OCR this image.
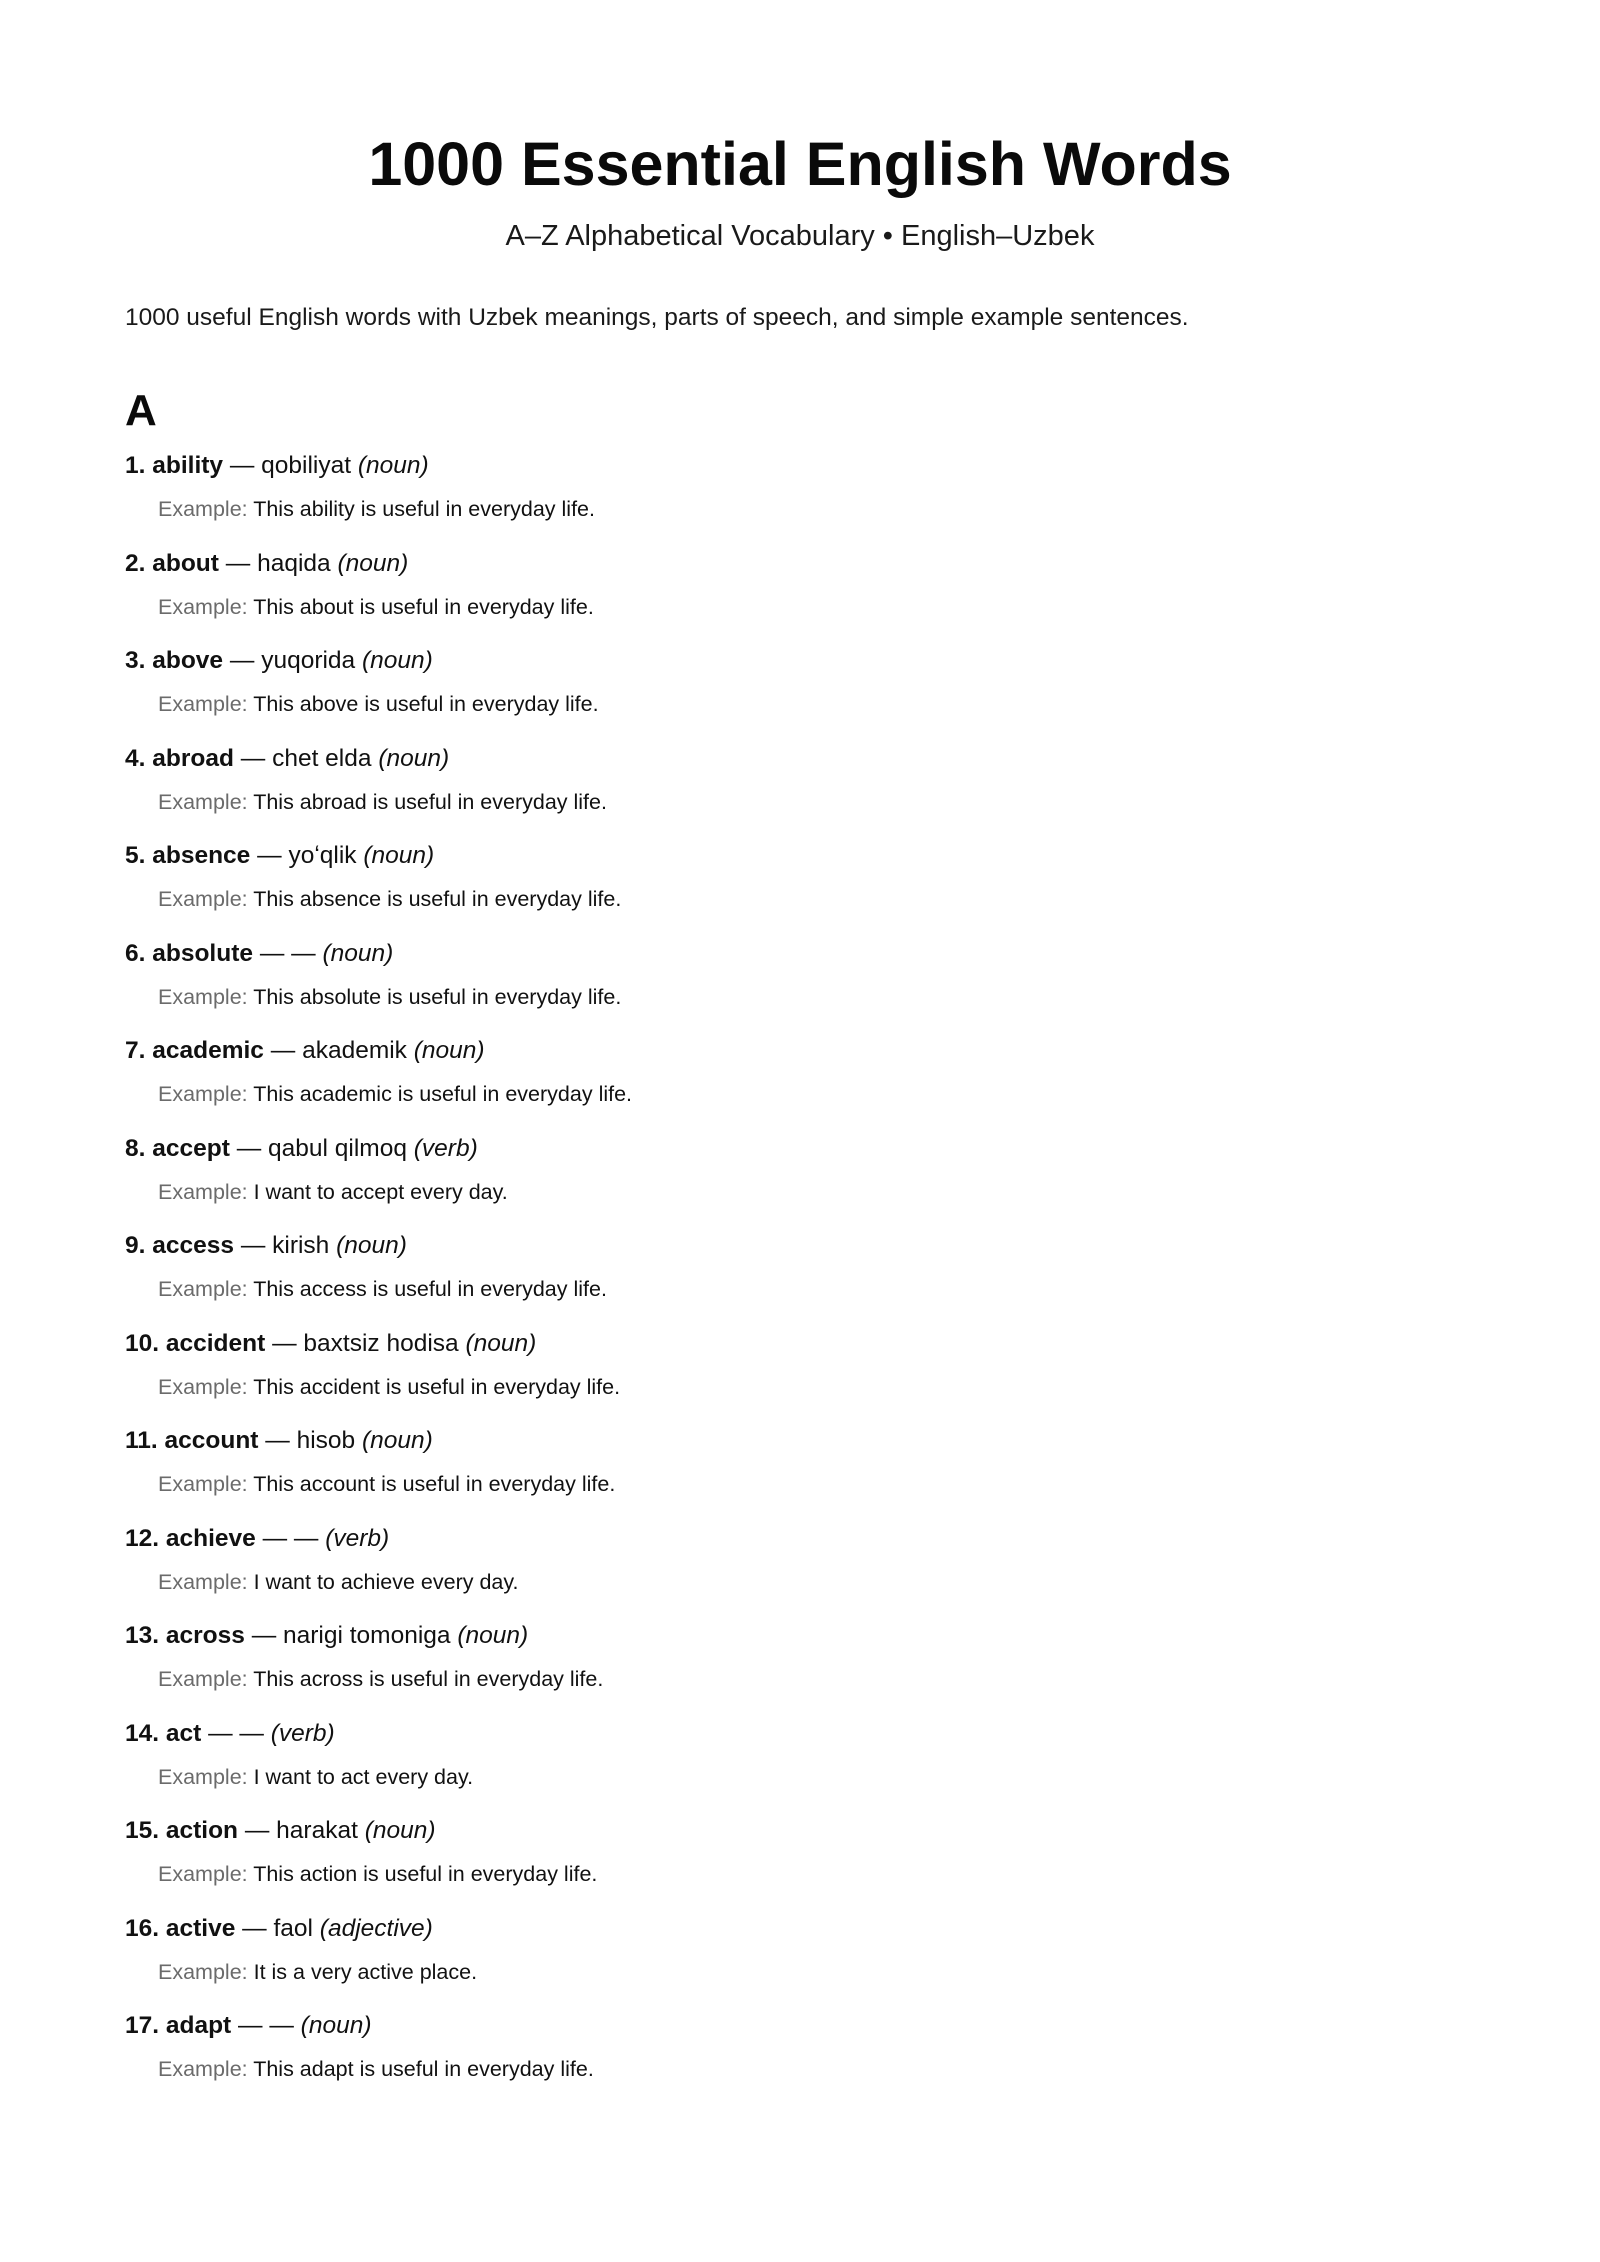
1000 Essential English Words
A–Z Alphabetical Vocabulary • English–Uzbek
1000 useful English words with Uzbek meanings, parts of speech, and simple example sentences.
A
1. ability — qobiliyat (noun)
Example: This ability is useful in everyday life.
2. about — haqida (noun)
Example: This about is useful in everyday life.
3. above — yuqorida (noun)
Example: This above is useful in everyday life.
4. abroad — chet elda (noun)
Example: This abroad is useful in everyday life.
5. absence — yoʻqlik (noun)
Example: This absence is useful in everyday life.
6. absolute — — (noun)
Example: This absolute is useful in everyday life.
7. academic — akademik (noun)
Example: This academic is useful in everyday life.
8. accept — qabul qilmoq (verb)
Example: I want to accept every day.
9. access — kirish (noun)
Example: This access is useful in everyday life.
10. accident — baxtsiz hodisa (noun)
Example: This accident is useful in everyday life.
11. account — hisob (noun)
Example: This account is useful in everyday life.
12. achieve — — (verb)
Example: I want to achieve every day.
13. across — narigi tomoniga (noun)
Example: This across is useful in everyday life.
14. act — — (verb)
Example: I want to act every day.
15. action — harakat (noun)
Example: This action is useful in everyday life.
16. active — faol (adjective)
Example: It is a very active place.
17. adapt — — (noun)
Example: This adapt is useful in everyday life.
